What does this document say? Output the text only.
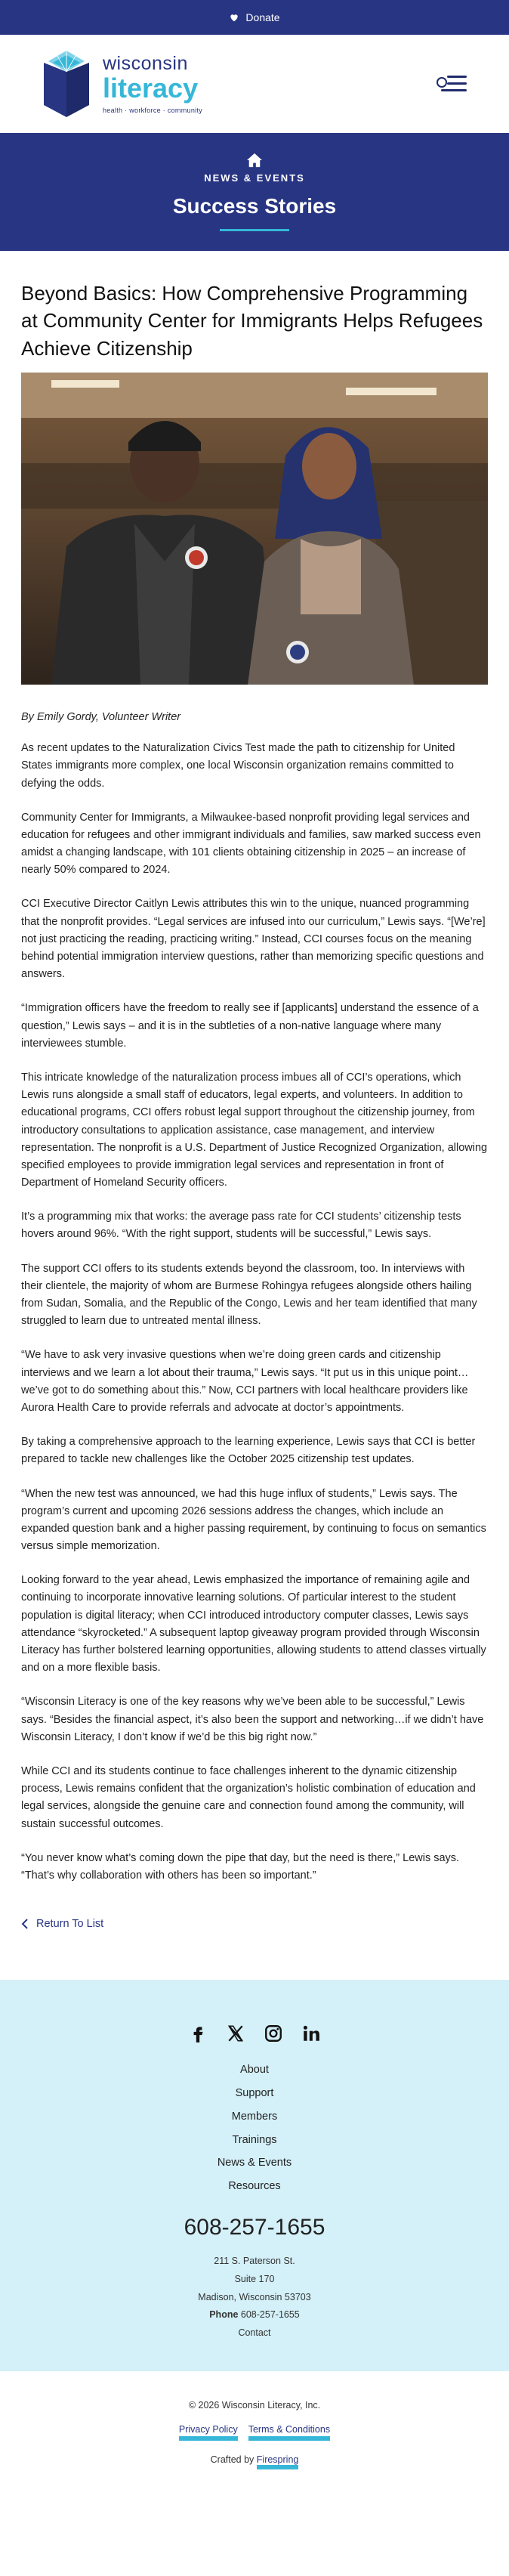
Donate
wisconsin
literacy
health · workforce · community
NEWS & EVENTS
Success Stories
Beyond Basics: How Comprehensive Programming at Community Center for Immigrants Helps Refugees Achieve Citizenship

By Emily Gordy, Volunteer Writer

As recent updates to the Naturalization Civics Test made the path to citizenship for United States immigrants more complex, one local Wisconsin organization remains committed to defying the odds.

Community Center for Immigrants, a Milwaukee-based nonprofit providing legal services and education for refugees and other immigrant individuals and families, saw marked success even amidst a changing landscape, with 101 clients obtaining citizenship in 2025 – an increase of nearly 50% compared to 2024.

CCI Executive Director Caitlyn Lewis attributes this win to the unique, nuanced programming that the nonprofit provides. “Legal services are infused into our curriculum,” Lewis says. “[We’re] not just practicing the reading, practicing writing.” Instead, CCI courses focus on the meaning behind potential immigration interview questions, rather than memorizing specific questions and answers.

“Immigration officers have the freedom to really see if [applicants] understand the essence of a question,” Lewis says – and it is in the subtleties of a non-native language where many interviewees stumble.

This intricate knowledge of the naturalization process imbues all of CCI’s operations, which Lewis runs alongside a small staff of educators, legal experts, and volunteers. In addition to educational programs, CCI offers robust legal support throughout the citizenship journey, from introductory consultations to application assistance, case management, and interview representation. The nonprofit is a U.S. Department of Justice Recognized Organization, allowing specified employees to provide immigration legal services and representation in front of Department of Homeland Security officers.

It’s a programming mix that works: the average pass rate for CCI students’ citizenship tests hovers around 96%. “With the right support, students will be successful,” Lewis says.

The support CCI offers to its students extends beyond the classroom, too. In interviews with their clientele, the majority of whom are Burmese Rohingya refugees alongside others hailing from Sudan, Somalia, and the Republic of the Congo, Lewis and her team identified that many struggled to learn due to untreated mental illness.

“We have to ask very invasive questions when we’re doing green cards and citizenship interviews and we learn a lot about their trauma,” Lewis says. “It put us in this unique point…we’ve got to do something about this.” Now, CCI partners with local healthcare providers like Aurora Health Care to provide referrals and advocate at doctor’s appointments.

By taking a comprehensive approach to the learning experience, Lewis says that CCI is better prepared to tackle new challenges like the October 2025 citizenship test updates.

“When the new test was announced, we had this huge influx of students,” Lewis says. The program’s current and upcoming 2026 sessions address the changes, which include an expanded question bank and a higher passing requirement, by continuing to focus on semantics versus simple memorization.

Looking forward to the year ahead, Lewis emphasized the importance of remaining agile and continuing to incorporate innovative learning solutions. Of particular interest to the student population is digital literacy; when CCI introduced introductory computer classes, Lewis says attendance “skyrocketed.” A subsequent laptop giveaway program provided through Wisconsin Literacy has further bolstered learning opportunities, allowing students to attend classes virtually and on a more flexible basis.

“Wisconsin Literacy is one of the key reasons why we’ve been able to be successful,” Lewis says. “Besides the financial aspect, it’s also been the support and networking…if we didn’t have Wisconsin Literacy, I don’t know if we’d be this big right now.”

While CCI and its students continue to face challenges inherent to the dynamic citizenship process, Lewis remains confident that the organization’s holistic combination of education and legal services, alongside the genuine care and connection found among the community, will sustain successful outcomes.

“You never know what’s coming down the pipe that day, but the need is there,” Lewis says. “That’s why collaboration with others has been so important.”

Return To List
About
Support
Members
Trainings
News & Events
Resources
608-257-1655
211 S. Paterson St.
Suite 170
Madison, Wisconsin 53703
Phone 608-257-1655
Contact
© 2026 Wisconsin Literacy, Inc.
Privacy Policy Terms & Conditions
Crafted by Firespring
